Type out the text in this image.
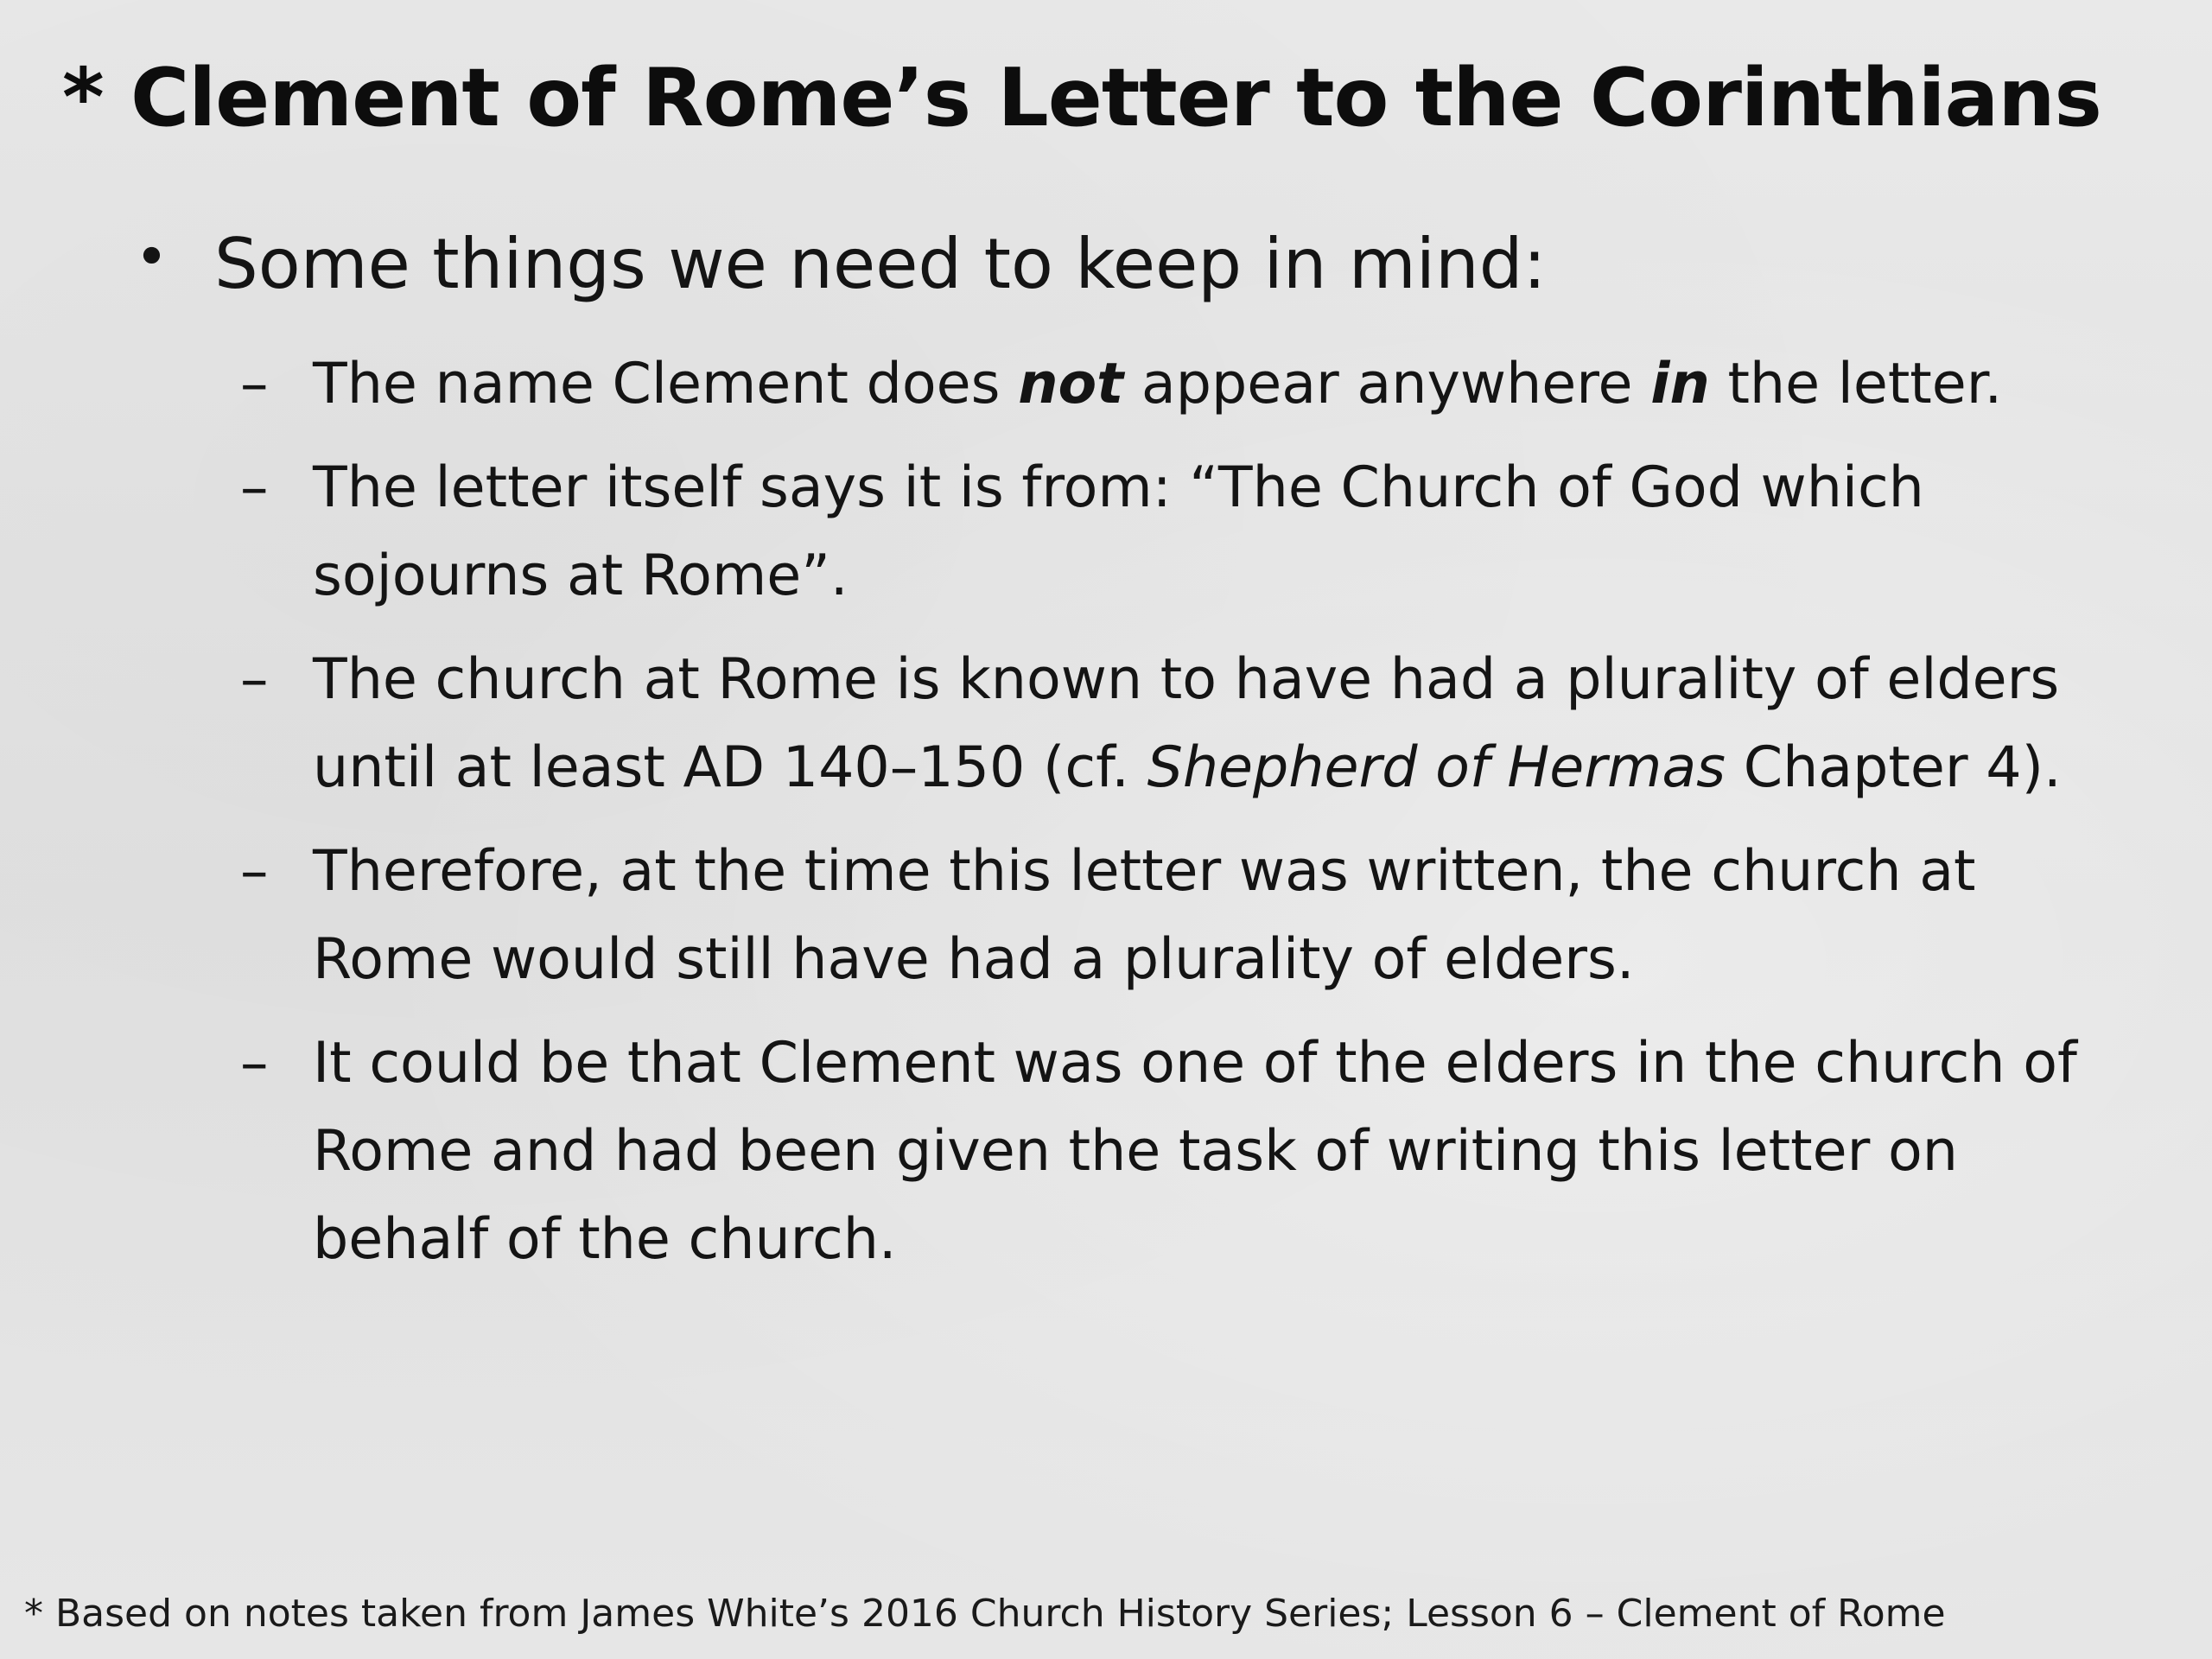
* Clement of Rome’s Letter to the Corinthians
• Some things we need to keep in mind:
– The name Clement does not appear anywhere in the letter.
– The letter itself says it is from: “The Church of God which sojourns at Rome”.
– The church at Rome is known to have had a plurality of elders until at least AD 140–150 (cf. Shepherd of Hermas Chapter 4).
– Therefore, at the time this letter was written, the church at Rome would still have had a plurality of elders.
– It could be that Clement was one of the elders in the church of Rome and had been given the task of writing this letter on behalf of the church.
* Based on notes taken from James White’s 2016 Church History Series; Lesson 6 – Clement of Rome
